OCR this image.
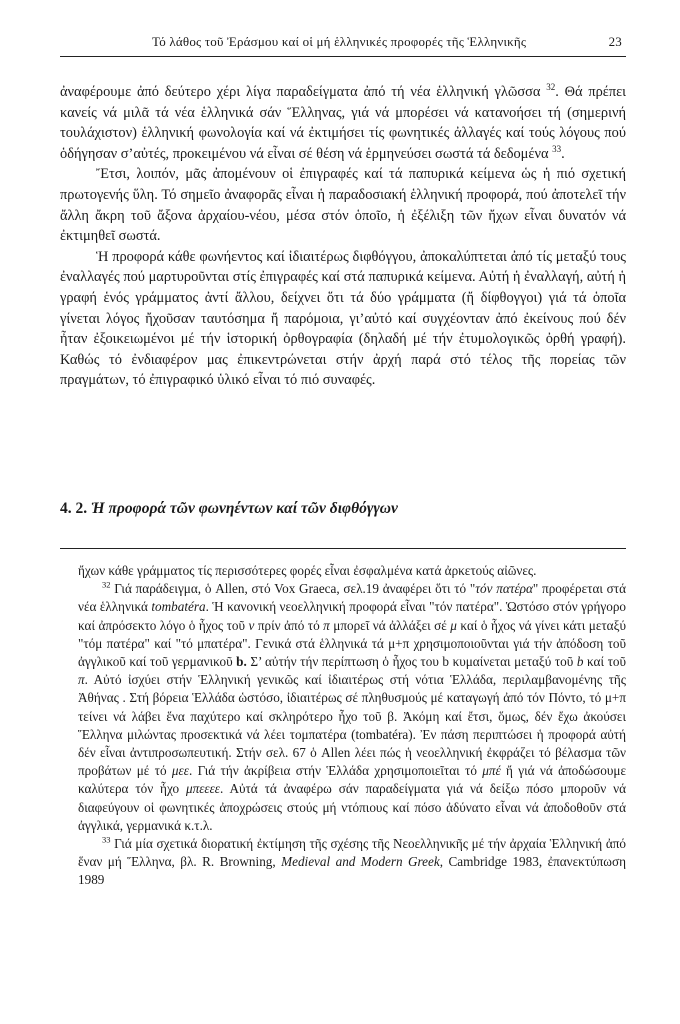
Τό λάθος τοῦ Ἐράσμου καί οἱ μή ἑλληνικές προφορές τῆς Ἑλληνικῆς	23

ἀναφέρουμε ἀπό δεύτερο χέρι λίγα παραδείγματα ἀπό τή νέα ἑλληνική γλῶσσα $^{32}$. Θά πρέπει κανείς νά μιλᾶ τά νέα ἑλληνικά σάν Ἕλληνας, γιά νά μπορέσει νά κατανοήσει τή (σημερινή τουλάχιστον) ἑλληνική φωνολογία καί νά ἐκτιμήσει τίς φωνητικές ἀλλαγές καί τούς λόγους πού ὁδήγησαν σ’αὐτές, προκειμένου νά εἶναι σέ θέση νά ἑρμηνεύσει σωστά τά δεδομένα $^{33}$.

Ἔτσι, λοιπόν, μᾶς ἀπομένουν οἱ ἐπιγραφές καί τά παπυρικά κείμενα ὡς ἡ πιό σχετική πρωτογενής ὕλη. Τό σημεῖο ἀναφορᾶς εἶναι ἡ παραδοσιακή ἑλληνική προφορά, πού ἀποτελεῖ τήν ἄλλη ἄκρη τοῦ ἄξονα ἀρχαίου-νέου, μέσα στόν ὁποῖο, ἡ ἐξέλιξη τῶν ἤχων εἶναι δυνατόν νά ἐκτιμηθεῖ σωστά.

Ἡ προφορά κάθε φωνήεντος καί ἰδιαιτέρως διφθόγγου, ἀποκαλύπτεται ἀπό τίς μεταξύ τους ἐναλλαγές πού μαρτυροῦνται στίς ἐπιγραφές καί στά παπυρικά κείμενα. Αὐτή ἡ ἐναλλαγή, αὐτή ἡ γραφή ἑνός γράμματος ἀντί ἄλλου, δείχνει ὅτι τά δύο γράμματα (ἤ δίφθογγοι) γιά τά ὁποῖα γίνεται λόγος ἤχοῦσαν ταυτόσημα ἤ παρόμοια, γι’αὐτό καί συγχέονταν ἀπό ἐκείνους πού δέν ἦταν ἐξοικειωμένοι μέ τήν ἱστορική ὀρθογραφία (δηλαδή μέ τήν ἐτυμολογικῶς ὀρθή γραφή). Καθώς τό ἐνδιαφέρον μας ἐπικεντρώνεται στήν ἀρχή παρά στό τέλος τῆς πορείας τῶν πραγμάτων, τό ἐπιγραφικό ὑλικό εἶναι τό πιό συναφές.

4. 2. Ἡ προφορά τῶν φωνηέντων καί τῶν διφθόγγων

ἤχων κάθε γράμματος τίς περισσότερες φορές εἶναι ἐσφαλμένα κατά ἀρκετούς αἰῶνες.

$^{32}$ Γιά παράδειγμα, ὁ Allen, στό Vox Graeca, σελ.19 ἀναφέρει ὅτι τό "τόν πατέρα" προφέρεται στά νέα ἑλληνικά tombatéra. Ἡ κανονική νεοελληνική προφορά εἶναι "τόν πατέρα". Ὡστόσο στόν γρήγορο καί ἀπρόσεκτο λόγο ὁ ἦχος τοῦ ν πρίν ἀπό τό π μπορεῖ νά ἀλλάξει σέ μ καί ὁ ἦχος νά γίνει κάτι μεταξύ "τόμ πατέρα" καί "τό μπατέρα". Γενικά στά ἑλληνικά τά μ+π χρησιμοποιοῦνται γιά τήν ἀπόδοση τοῦ ἀγγλικοῦ καί τοῦ γερμανικοῦ b. Σ’ αὐτήν τήν περίπτωση ὁ ἦχος του b κυμαίνεται μεταξύ τοῦ b καί τοῦ π. Αὐτό ἰσχύει στήν Ἑλληνική γενικῶς καί ἰδιαιτέρως στή νότια Ἑλλάδα, περιλαμβανομένης τῆς Ἀθήνας . Στή βόρεια Ἑλλάδα ὡστόσο, ἰδιαιτέρως σέ πληθυσμούς μέ καταγωγή ἀπό τόν Πόντο, τό μ+π τείνει νά λάβει ἕνα παχύτερο καί σκληρότερο ἦχο τοῦ β. Ἀκόμη καί ἔτσι, ὅμως, δέν ἔχω ἀκούσει Ἕλληνα μιλώντας προσεκτικά νά λέει τομπατέρα (tombatéra). Ἐν πάση περιπτώσει ἡ προφορά αὐτή δέν εἶναι ἀντιπροσωπευτική. Στήν σελ. 67 ὁ Allen λέει πώς ἡ νεοελληνική ἐκφράζει τό βέλασμα τῶν προβάτων μέ τό μεε. Γιά τήν ἀκρίβεια στήν Ἑλλάδα χρησιμοποιεῖται τό μπέ ἤ γιά νά ἀποδώσουμε καλύτερα τόν ἦχο μπεεεε. Αὐτά τά ἀναφέρω σάν παραδείγματα γιά νά δείξω πόσο μποροῦν νά διαφεύγουν οἱ φωνητικές ἀποχρώσεις στούς μή ντόπιους καί πόσο ἀδύνατο εἶναι νά ἀποδοθοῦν στά ἀγγλικά, γερμανικά κ.τ.λ.

$^{33}$ Γιά μία σχετικά διορατική ἐκτίμηση τῆς σχέσης τῆς Νεοελληνικῆς μέ τήν ἀρχαία Ἑλληνική ἀπό ἕναν μή Ἕλληνα, βλ. R. Browning, Medieval and Modern Greek, Cambridge 1983, ἐπανεκτύπωση 1989
